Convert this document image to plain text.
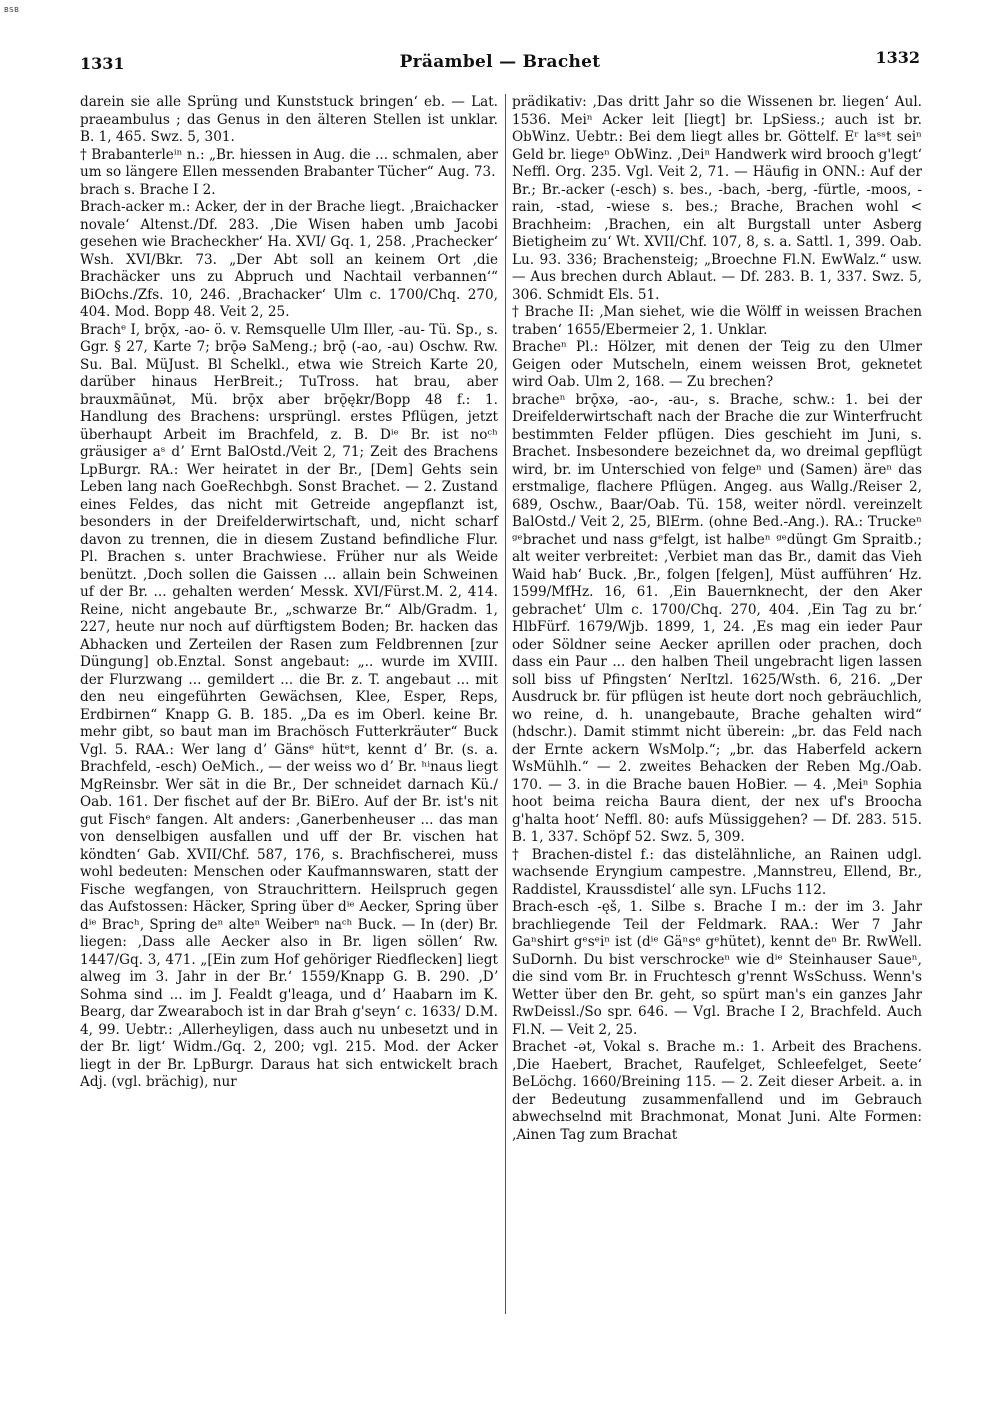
BSB
1331	Präambel — Brachet	1332

darein sie alle Sprüng und Kunststuck bringen‘ eb. — Lat. praeambulus ; das Genus in den älteren Stellen ist unklar. B. 1, 465. Swz. 5, 301.

† Brabanterleⁱⁿ n.: „Br. hiessen in Aug. die ... schmalen, aber um so längere Ellen messenden Brabanter Tücher“ Aug. 73.

brach s. Brache I 2.

Brach-acker m.: Acker, der in der Brache liegt. ‚Braichacker novale‘ Altenst./Df. 283. ‚Die Wisen haben umb Jacobi gesehen wie Bracheckher‘ Ha. XVI/ Gq. 1, 258. ‚Prachecker‘ Wsh. XVI/Bkr. 73. „Der Abt soll an keinem Ort ‚die Brachäcker uns zu Abpruch und Nachtail verbannen‘“ BiOchs./Zfs. 10, 246. ‚Brachacker‘ Ulm c. 1700/Chq. 270, 404. Mod. Bopp 48. Veit 2, 25.

Brachᵉ I, brǭx, -ao- ö. v. Remsquelle Ulm Iller, -au- Tü. Sp., s. Ggr. § 27, Karte 7; brǭə SaMeng.; brǭ (-ao, -au) Oschw. Rw. Su. Bal. MüJust. Bl Schelkl., etwa wie Streich Karte 20, darüber hinaus HerBreit.; TuTross. hat brau, aber brauxmāūnət, Mü. brǭx aber brǭękr/Bopp 48 f.: 1. Handlung des Brachens: ursprüngl. erstes Pflügen, jetzt überhaupt Arbeit im Brachfeld, z. B. Dⁱᵉ Br. ist noᶜʰ gräusiger aˢ dʼ Ernt BalOstd./Veit 2, 71; Zeit des Brachens LpBurgr. RA.: Wer heiratet in der Br., [Dem] Gehts sein Leben lang nach GoeRechbgh. Sonst Brachet. — 2. Zustand eines Feldes, das nicht mit Getreide angepflanzt ist, besonders in der Dreifelderwirtschaft, und, nicht scharf davon zu trennen, die in diesem Zustand befindliche Flur. Pl. Brachen s. unter Brachwiese. Früher nur als Weide benützt. ‚Doch sollen die Gaissen ... allain bein Schweinen uf der Br. ... gehalten werden‘ Messk. XVI/Fürst.M. 2, 414. Reine, nicht angebaute Br., „schwarze Br.“ Alb/Gradm. 1, 227, heute nur noch auf dürftigstem Boden; Br. hacken das Abhacken und Zerteilen der Rasen zum Feldbrennen [zur Düngung] ob.Enztal. Sonst angebaut: „.. wurde im XVIII. der Flurzwang ... gemildert ... die Br. z. T. angebaut ... mit den neu eingeführten Gewächsen, Klee, Esper, Reps, Erdbirnen“ Knapp G. B. 185. „Da es im Oberl. keine Br. mehr gibt, so baut man im Brachösch Futterkräuter“ Buck Vgl. 5. RAA.: Wer lang dʼ Gänsᵉ hütᵉt, kennt dʼ Br. (s. a. Brachfeld, -esch) OeMich., — der weiss wo dʼ Br. ʰⁱnaus liegt MgReinsbr. Wer sät in die Br., Der schneidet darnach Kü./ Oab. 161. Der fischet auf der Br. BiEro. Auf der Br. ist's nit gut Fischᵉ fangen. Alt anders: ‚Ganerbenheuser ... das man von denselbigen ausfallen und uff der Br. vischen hat köndten‘ Gab. XVII/Chf. 587, 176, s. Brachfischerei, muss wohl bedeuten: Menschen oder Kaufmannswaren, statt der Fische wegfangen, von Strauchrittern. Heilspruch gegen das Aufstossen: Häcker, Spring über dⁱᵉ Aecker, Spring über dⁱᵉ Bracʰ, Spring deⁿ alteⁿ Weiberⁿ naᶜʰ Buck. — In (der) Br. liegen: ‚Dass alle Aecker also in Br. ligen söllen‘ Rw. 1447/Gq. 3, 471. „[Ein zum Hof gehöriger Riedflecken] liegt alweg im 3. Jahr in der Br.‘ 1559/Knapp G. B. 290. ‚Dʼ Sohma sind ... im J. Fealdt g'leaga, und dʼ Haabarn im K. Bearg, dar Zwearaboch ist in dar Brah g'seyn‘ c. 1633/ D.M. 4, 99. Uebtr.: ‚Allerheyligen, dass auch nu unbesetzt und in der Br. ligt‘ Widm./Gq. 2, 200; vgl. 215. Mod. der Acker liegt in der Br. LpBurgr. Daraus hat sich entwickelt brach Adj. (vgl. brächig), nur

prädikativ: ‚Das dritt Jahr so die Wissenen br. liegen‘ Aul. 1536. Meiⁿ Acker leit [liegt] br. LpSiess.; auch ist br. ObWinz. Uebtr.: Bei dem liegt alles br. Göttelf. Eʳ laˢˢt seiⁿ Geld br. liegeⁿ ObWinz. ‚Deiⁿ Handwerk wird brooch g'legt‘ Neffl. Org. 235. Vgl. Veit 2, 71. — Häufig in ONN.: Auf der Br.; Br.-acker (-esch) s. bes., -bach, -berg, -fürtle, -moos, -rain, -stad, -wiese s. bes.; Brache, Brachen wohl < Brachheim: ‚Brachen, ein alt Burgstall unter Asberg Bietigheim zu‘ Wt. XVII/Chf. 107, 8, s. a. Sattl. 1, 399. Oab. Lu. 93. 336; Brachensteig; „Broechne Fl.N. EwWalz.“ usw. — Aus brechen durch Ablaut. — Df. 283. B. 1, 337. Swz. 5, 306. Schmidt Els. 51.

† Brache II: ‚Man siehet, wie die Wölff in weissen Brachen traben‘ 1655/Ebermeier 2, 1. Unklar.

Bracheⁿ Pl.: Hölzer, mit denen der Teig zu den Ulmer Geigen oder Mutscheln, einem weissen Brot, geknetet wird Oab. Ulm 2, 168. — Zu brechen?

bracheⁿ brǭxə, -ao-, -au-, s. Brache, schw.: 1. bei der Dreifelderwirtschaft nach der Brache die zur Winterfrucht bestimmten Felder pflügen. Dies geschieht im Juni, s. Brachet. Insbesondere bezeichnet da, wo dreimal gepflügt wird, br. im Unterschied von felgeⁿ und (Samen) äreⁿ das erstmalige, flachere Pflügen. Angeg. aus Wallg./Reiser 2, 689, Oschw., Baar/Oab. Tü. 158, weiter nördl. vereinzelt BalOstd./ Veit 2, 25, BlErm. (ohne Bed.-Ang.). RA.: Truckeⁿ ᵍᵉbrachet und nass gᵉfelgt, ist halbeⁿ ᵍᵉdüngt Gm Spraitb.; alt weiter verbreitet: ‚Verbiet man das Br., damit das Vieh Waid hab‘ Buck. ‚Br., folgen [felgen], Müst aufführen‘ Hz. 1599/MfHz. 16, 61. ‚Ein Bauernknecht, der den Aker gebrachet‘ Ulm c. 1700/Chq. 270, 404. ‚Ein Tag zu br.‘ HlbFürf. 1679/Wjb. 1899, 1, 24. ‚Es mag ein ieder Paur oder Söldner seine Aecker aprillen oder prachen, doch dass ein Paur ... den halben Theil ungebracht ligen lassen soll biss uf Pfingsten‘ NerItzl. 1625/Wsth. 6, 216. „Der Ausdruck br. für pflügen ist heute dort noch gebräuchlich, wo reine, d. h. unangebaute, Brache gehalten wird“ (hdschr.). Damit stimmt nicht überein: „br. das Feld nach der Ernte ackern WsMolp.“; „br. das Haberfeld ackern WsMühlh.“ — 2. zweites Behacken der Reben Mg./Oab. 170. — 3. in die Brache bauen HoBier. — 4. ‚Meiⁿ Sophia hoot beima reicha Baura dient, der nex uf's Broocha g'halta hoot‘ Neffl. 80: aufs Müssiggehen? — Df. 283. 515. B. 1, 337. Schöpf 52. Swz. 5, 309.

† Brachen-distel f.: das distelähnliche, an Rainen udgl. wachsende Eryngium campestre. ‚Mannstreu, Ellend, Br., Raddistel, Kraussdistel‘ alle syn. LFuchs 112.

Brach-esch -ęš, 1. Silbe s. Brache I m.: der im 3. Jahr brachliegende Teil der Feldmark. RAA.: Wer 7 Jahr Gaⁿshirt gᵉsᵉiⁿ ist (dⁱᵉ Gäⁿsᵉ gᵉhütet), kennt deⁿ Br. RwWell. SuDornh. Du bist verschrockeⁿ wie dⁱᵉ Steinhauser Saueⁿ, die sind vom Br. in Fruchtesch g'rennt WsSchuss. Wenn's Wetter über den Br. geht, so spürt man's ein ganzes Jahr RwDeissl./So spr. 646. — Vgl. Brache I 2, Brachfeld. Auch Fl.N. — Veit 2, 25.

Brachet -ət, Vokal s. Brache m.: 1. Arbeit des Brachens. ‚Die Haebert, Brachet, Raufelget, Schleefelget, Seete‘ BeLöchg. 1660/Breining 115. — 2. Zeit dieser Arbeit. a. in der Bedeutung zusammenfallend und im Gebrauch abwechselnd mit Brachmonat, Monat Juni. Alte Formen: ‚Ainen Tag zum Brachat
